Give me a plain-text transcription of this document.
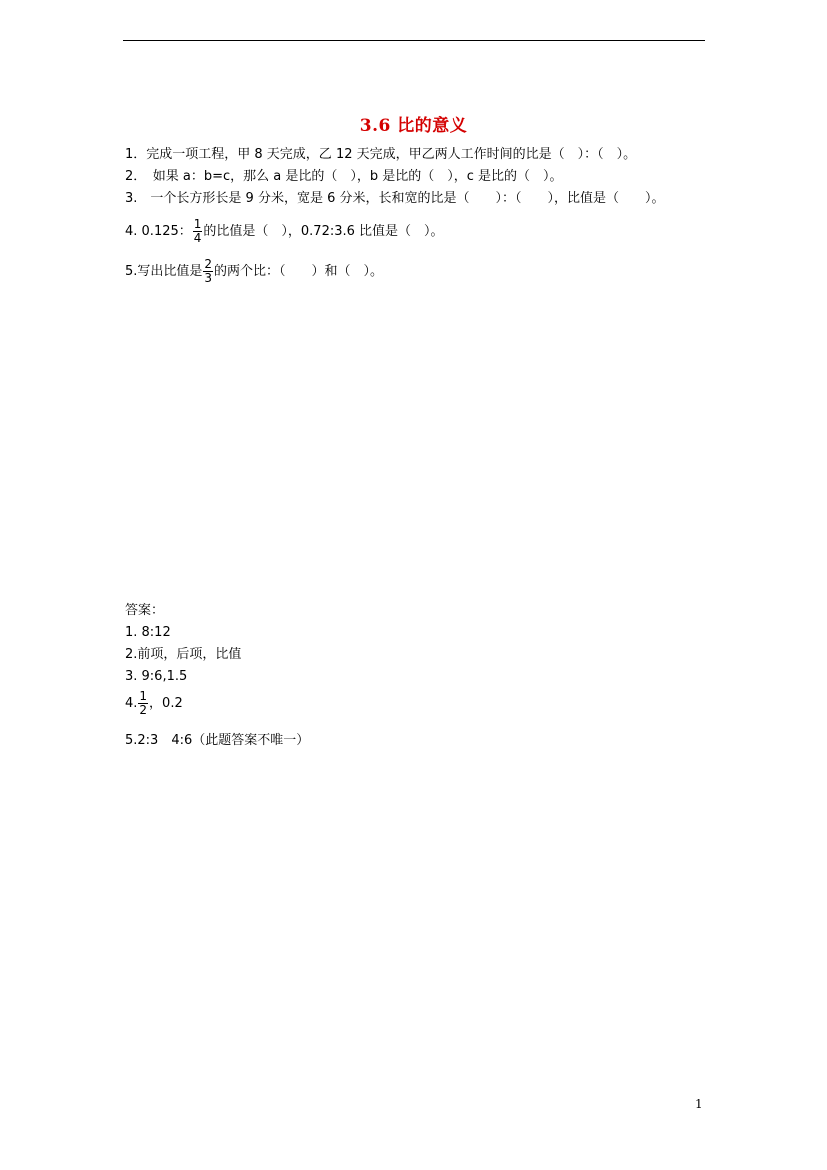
3.6 比的意义
1．完成一项工程，甲 8 天完成，乙 12 天完成，甲乙两人工作时间的比是（　）：（　）。
2．　如果 a：b=c，那么 a 是比的（　），b 是比的（　），c 是比的（　）。
3.　一个长方形长是 9 分米，宽是 6 分米，长和宽的比是（　　）：（　　），比值是（　　）。
4. 0.125： $\frac{1}{4}$ 的比值是（　），0.72:3.6 比值是（　）。
5.写出比值是 $\frac{2}{3}$ 的两个比：（　　）和（　）。
答案：
1. 8:12
2.前项，后项，比值
3. 9:6,1.5
4. $\frac{1}{2}$ ，0.2
5.2:3　4:6（此题答案不唯一）
1
